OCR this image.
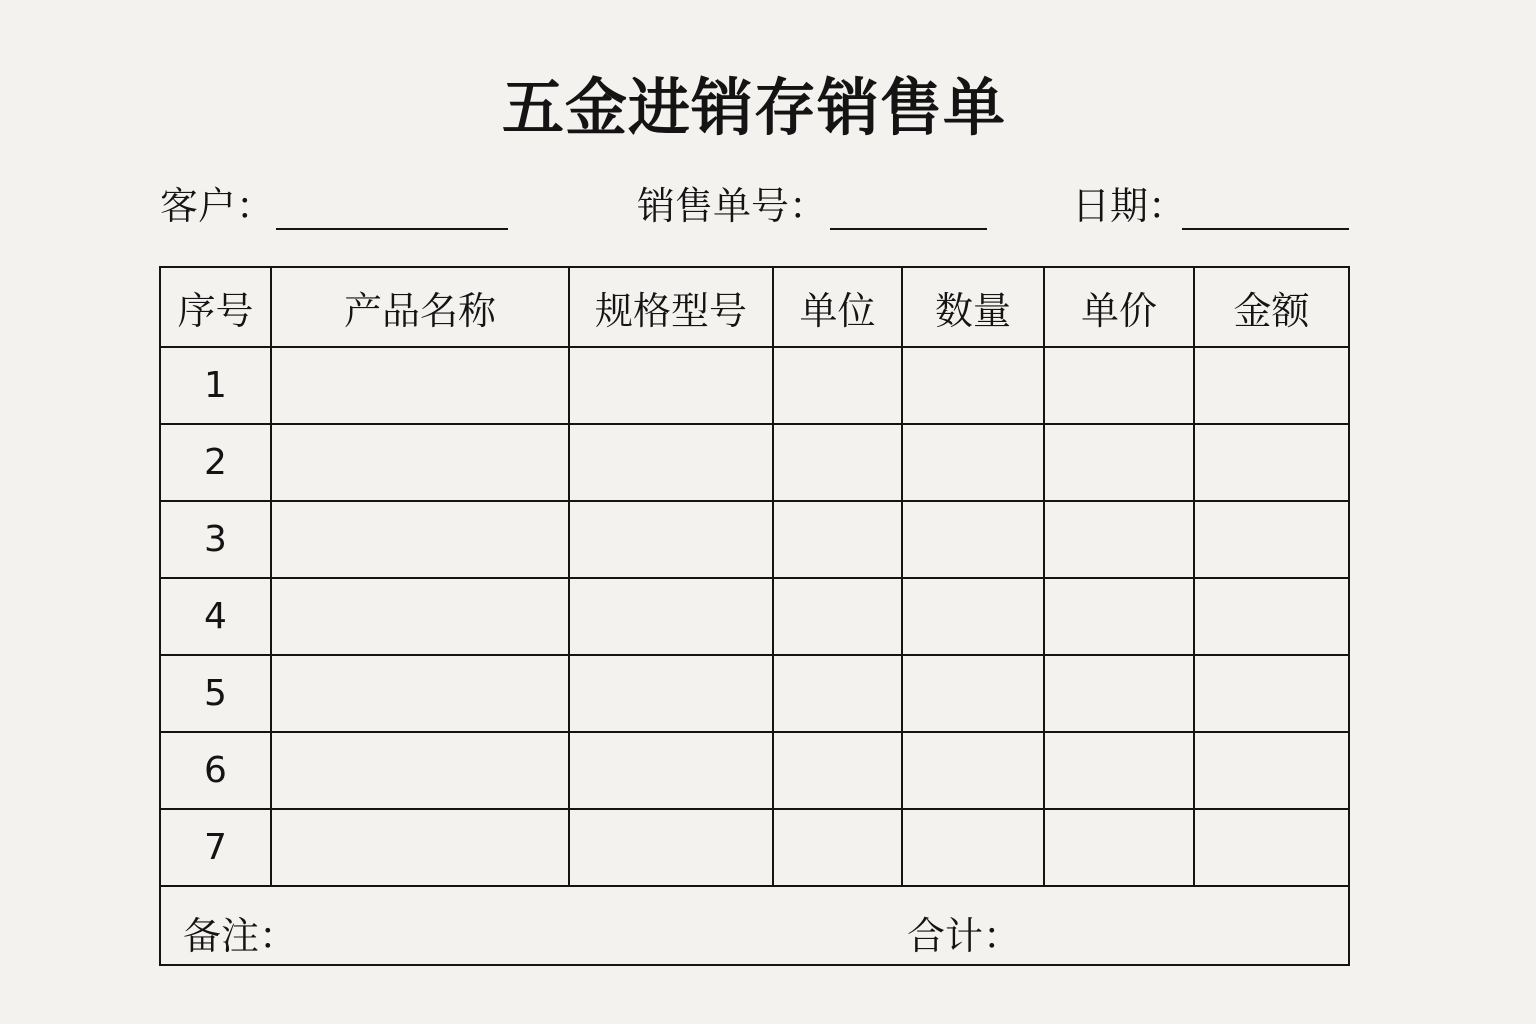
五金进销存销售单
客户：	销售单号：	日期：
序号	产品名称	规格型号	单位	数量	单价	金额
1						
2						
3						
4						
5						
6						
7						

备注： 合计：						
